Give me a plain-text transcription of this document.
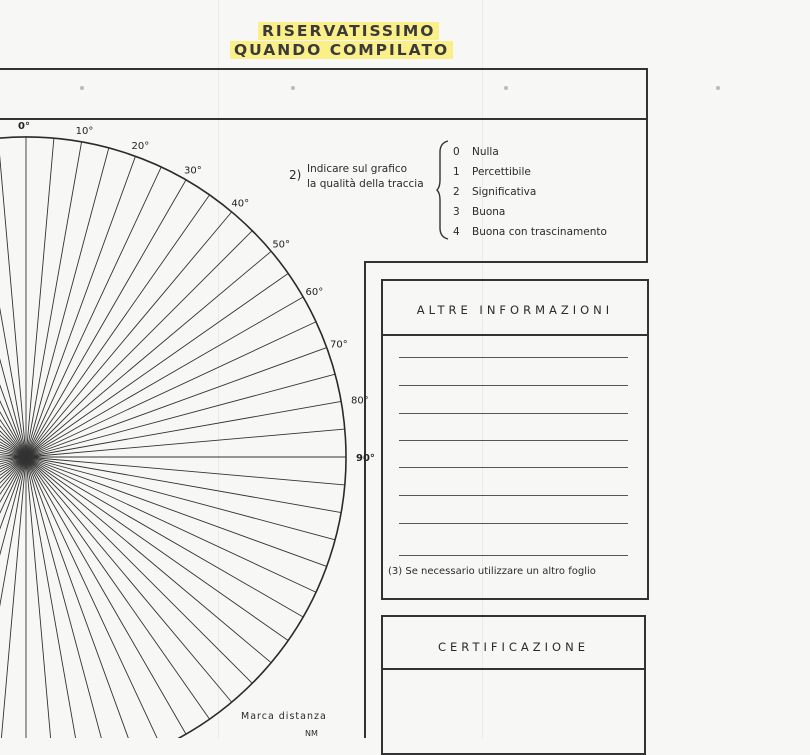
RISERVATISSIMO
QUANDO COMPILATO
0°	10°
20°
30°
40°
50°
60°
70°
80°
90°
2) Indicare sul grafico
la qualità della traccia
0	Nulla
1	Percettibile
2	Significativa
3	Buona
4	Buona con trascinamento
ALTRE INFORMAZIONI
(3) Se necessario utilizzare un altro foglio
CERTIFICAZIONE
Marca distanza
NM
